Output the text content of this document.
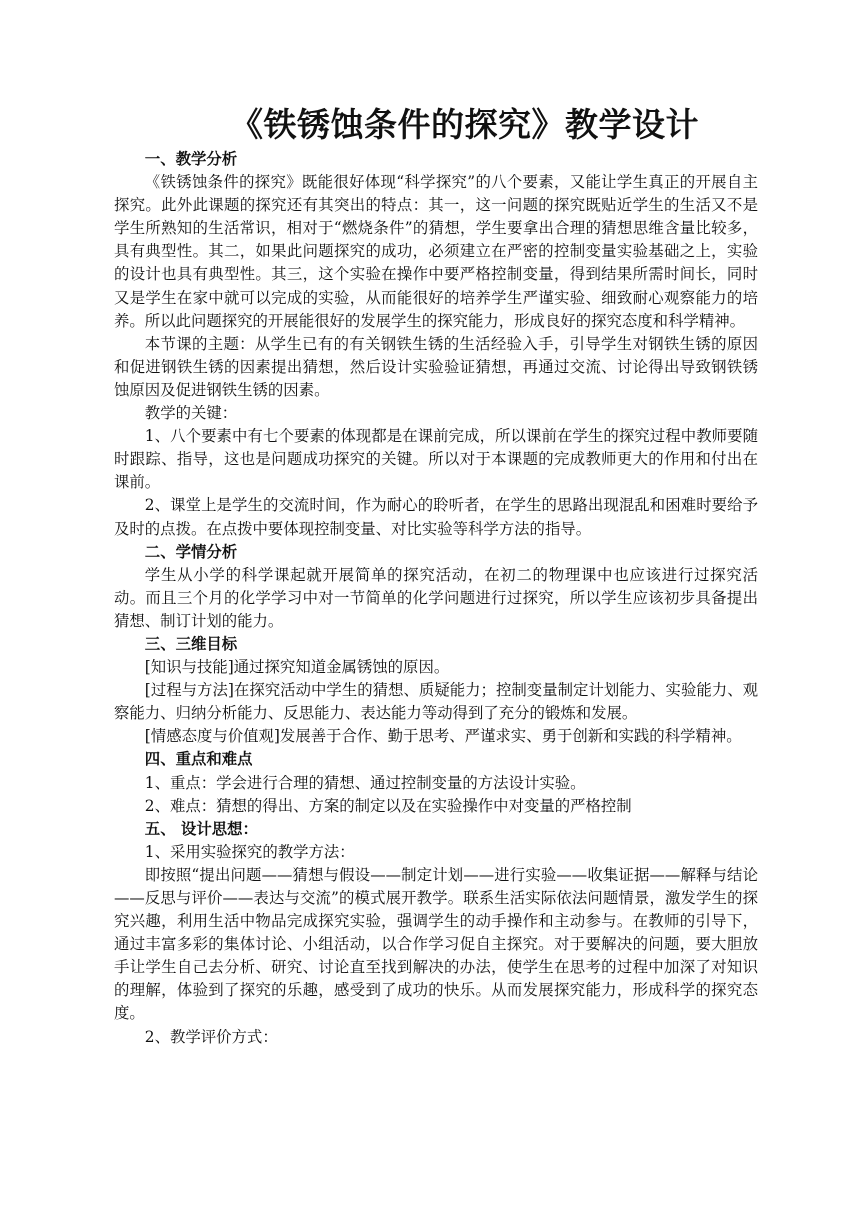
《铁锈蚀条件的探究》教学设计
一、教学分析

《铁锈蚀条件的探究》既能很好体现“科学探究”的八个要素，又能让学生真正的开展自主探究。此外此课题的探究还有其突出的特点：其一，这一问题的探究既贴近学生的生活又不是学生所熟知的生活常识，相对于“燃烧条件”的猜想，学生要拿出合理的猜想思维含量比较多，具有典型性。其二，如果此问题探究的成功，必须建立在严密的控制变量实验基础之上，实验的设计也具有典型性。其三，这个实验在操作中要严格控制变量，得到结果所需时间长，同时又是学生在家中就可以完成的实验，从而能很好的培养学生严谨实验、细致耐心观察能力的培养。所以此问题探究的开展能很好的发展学生的探究能力，形成良好的探究态度和科学精神。

本节课的主题：从学生已有的有关钢铁生锈的生活经验入手，引导学生对钢铁生锈的原因和促进钢铁生锈的因素提出猜想，然后设计实验验证猜想，再通过交流、讨论得出导致钢铁锈蚀原因及促进钢铁生锈的因素。

教学的关键：

1、八个要素中有七个要素的体现都是在课前完成，所以课前在学生的探究过程中教师要随时跟踪、指导，这也是问题成功探究的关键。所以对于本课题的完成教师更大的作用和付出在课前。

2、课堂上是学生的交流时间，作为耐心的聆听者，在学生的思路出现混乱和困难时要给予及时的点拨。在点拨中要体现控制变量、对比实验等科学方法的指导。

二、学情分析

学生从小学的科学课起就开展简单的探究活动，在初二的物理课中也应该进行过探究活动。而且三个月的化学学习中对一节简单的化学问题进行过探究，所以学生应该初步具备提出猜想、制订计划的能力。

三、三维目标

[知识与技能]通过探究知道金属锈蚀的原因。

[过程与方法]在探究活动中学生的猜想、质疑能力；控制变量制定计划能力、实验能力、观察能力、归纳分析能力、反思能力、表达能力等动得到了充分的锻炼和发展。

[情感态度与价值观]发展善于合作、勤于思考、严谨求实、勇于创新和实践的科学精神。

四、重点和难点

1、重点：学会进行合理的猜想、通过控制变量的方法设计实验。

2、难点：猜想的得出、方案的制定以及在实验操作中对变量的严格控制

五、 设计思想：

1、采用实验探究的教学方法：

即按照“提出问题——猜想与假设——制定计划——进行实验——收集证据——解释与结论——反思与评价——表达与交流”的模式展开教学。联系生活实际依法问题情景，激发学生的探究兴趣，利用生活中物品完成探究实验，强调学生的动手操作和主动参与。在教师的引导下，通过丰富多彩的集体讨论、小组活动，以合作学习促自主探究。对于要解决的问题，要大胆放手让学生自己去分析、研究、讨论直至找到解决的办法，使学生在思考的过程中加深了对知识的理解，体验到了探究的乐趣，感受到了成功的快乐。从而发展探究能力，形成科学的探究态度。

2、教学评价方式：
